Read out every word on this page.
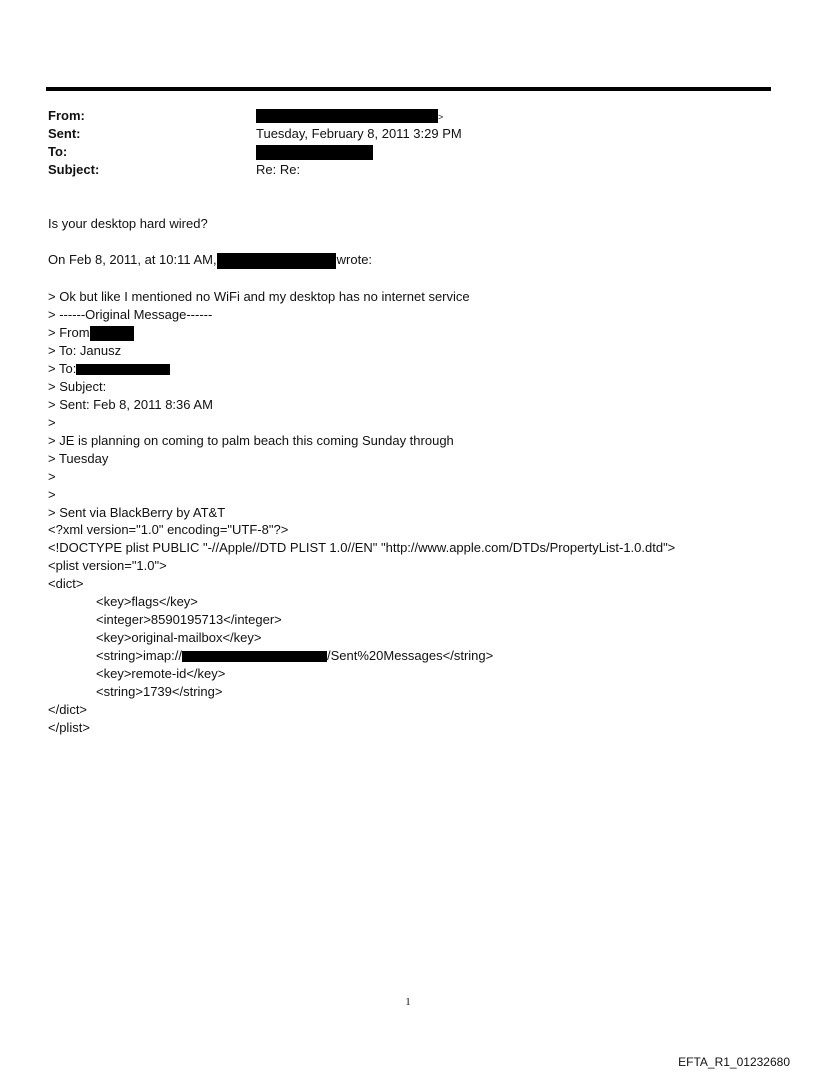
From:	>
Sent:	Tuesday, February 8, 2011 3:29 PM
To:
Subject:	Re: Re:
Is your desktop hard wired?
On Feb 8, 2011, at 10:11 AM,	wrote:
> Ok but like I mentioned no WiFi and my desktop has no internet service
> ------Original Message------
> From
> To: Janusz
> To:
> Subject:
> Sent: Feb 8, 2011 8:36 AM
>
> JE is planning on coming to palm beach this coming Sunday through
> Tuesday
>
>
> Sent via BlackBerry by AT&T
<?xml version="1.0" encoding="UTF-8"?>
<!DOCTYPE plist PUBLIC "-//Apple//DTD PLIST 1.0//EN" "http://www.apple.com/DTDs/PropertyList-1.0.dtd">
<plist version="1.0">
<dict>
<key>flags</key>
<integer>8590195713</integer>
<key>original-mailbox</key>
<string>imap://	/Sent%20Messages</string>
<key>remote-id</key>
<string>1739</string>
</dict>
</plist>
1
EFTA_R1_01232680
